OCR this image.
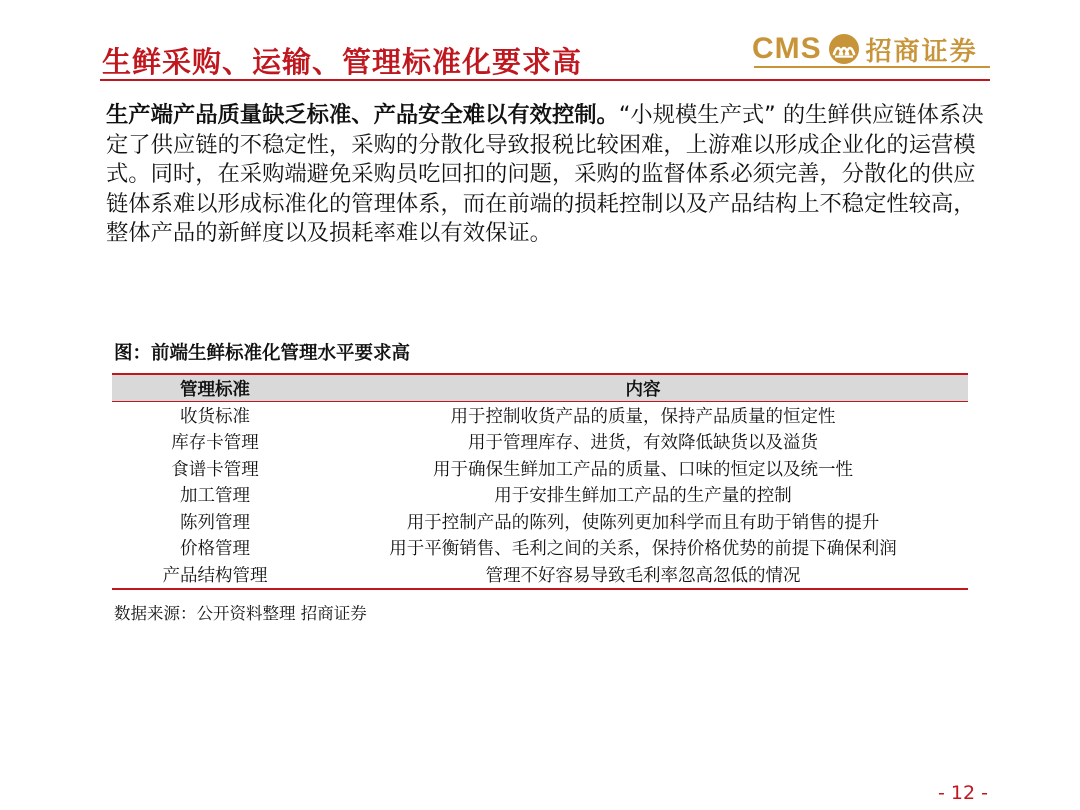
生鲜采购、运输、管理标准化要求高	CMS 招商证券
生产端产品质量缺乏标准、产品安全难以有效控制。“小规模生产式” 的生鲜供应链体系决定了供应链的不稳定性，采购的分散化导致报税比较困难，上游难以形成企业化的运营模式。同时，在采购端避免采购员吃回扣的问题，采购的监督体系必须完善，分散化的供应链体系难以形成标准化的管理体系，而在前端的损耗控制以及产品结构上不稳定性较高，整体产品的新鲜度以及损耗率难以有效保证。
图：前端生鲜标准化管理水平要求高
管理标准	内容
收货标准	用于控制收货产品的质量，保持产品质量的恒定性
库存卡管理	用于管理库存、进货，有效降低缺货以及溢货
食谱卡管理	用于确保生鲜加工产品的质量、口味的恒定以及统一性
加工管理	用于安排生鲜加工产品的生产量的控制
陈列管理	用于控制产品的陈列，使陈列更加科学而且有助于销售的提升
价格管理	用于平衡销售、毛利之间的关系，保持价格优势的前提下确保利润
产品结构管理	管理不好容易导致毛利率忽高忽低的情况
数据来源：公开资料整理 招商证券
- 12 -
